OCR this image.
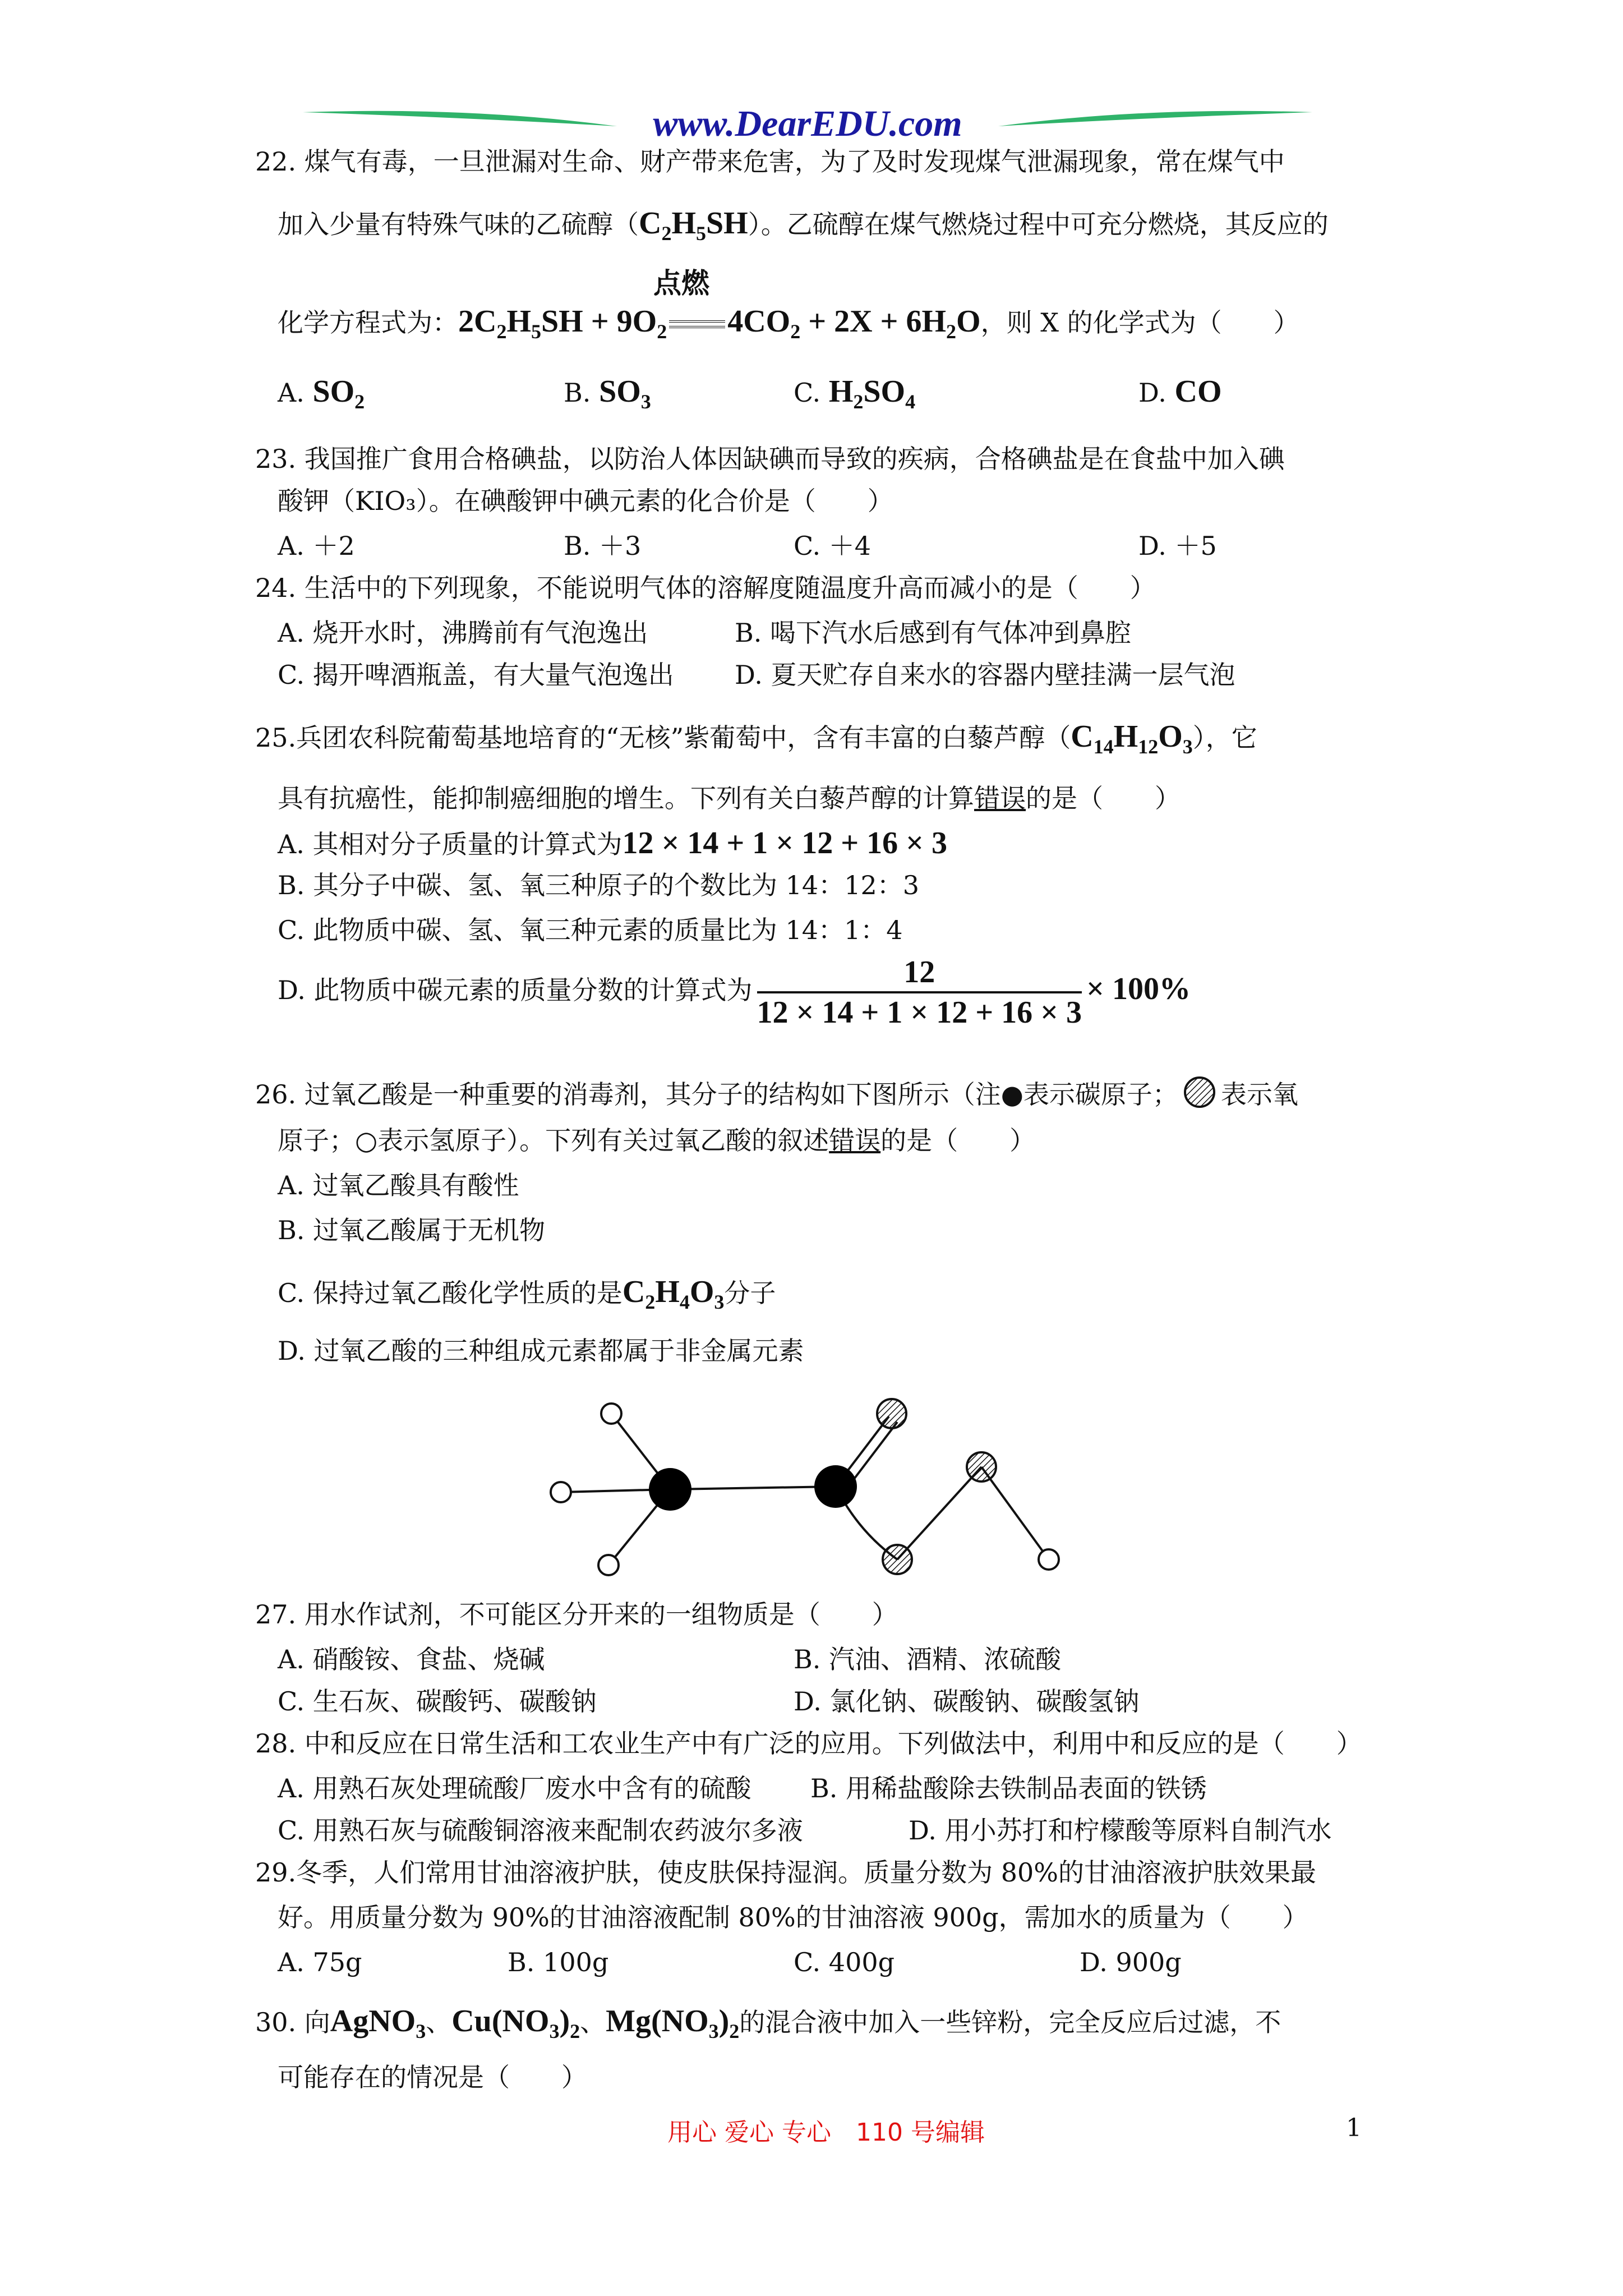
www.DearEDU.com
22. 煤气有毒，一旦泄漏对生命、财产带来危害，为了及时发现煤气泄漏现象，常在煤气中
加入少量有特殊气味的乙硫醇$(C_2H_5SH)$。乙硫醇在煤气燃烧过程中可充分燃烧，其反应的
点燃
化学方程式为：$2C_2H_5SH + 9O_2$ $4CO_2 + 2X + 6H_2O$，则 X 的化学式为（　　）
A. $SO_2$	B. $SO_3$	C. $H_2SO_4$	D. CO
23. 我国推广食用合格碘盐，以防治人体因缺碘而导致的疾病，合格碘盐是在食盐中加入碘
酸钾（KIO₃）。在碘酸钾中碘元素的化合价是（　　）
A. ＋2	B. ＋3	C. ＋4	D. ＋5
24. 生活中的下列现象，不能说明气体的溶解度随温度升高而减小的是（　　）
A. 烧开水时，沸腾前有气泡逸出	B. 喝下汽水后感到有气体冲到鼻腔
C. 揭开啤酒瓶盖，有大量气泡逸出 D. 夏天贮存自来水的容器内壁挂满一层气泡
25.兵团农科院葡萄基地培育的“无核”紫葡萄中，含有丰富的白藜芦醇$(C_{14}H_{12}O_3)$，它
具有抗癌性，能抑制癌细胞的增生。下列有关白藜芦醇的计算错误的是（　　）
A. 其相对分子质量的计算式为12 × 14 + 1 × 12 + 16 × 3
B. 其分子中碳、氢、氧三种原子的个数比为 14：12：3
C. 此物质中碳、氢、氧三种元素的质量比为 14：1：4
D. 此物质中碳元素的质量分数的计算式为 $\frac{12}{12 \times 14 + 1 \times 12 + 16 \times 3} \times 100\%$
26. 过氧乙酸是一种重要的消毒剂，其分子的结构如下图所示（注●表示碳原子； 表示氧
原子；○表示氢原子）。下列有关过氧乙酸的叙述错误的是（　　）
A. 过氧乙酸具有酸性
B. 过氧乙酸属于无机物
C. 保持过氧乙酸化学性质的是$C_2H_4O_3$分子
D. 过氧乙酸的三种组成元素都属于非金属元素
27. 用水作试剂，不可能区分开来的一组物质是（　　）
A. 硝酸铵、食盐、烧碱	B. 汽油、酒精、浓硫酸
C. 生石灰、碳酸钙、碳酸钠	D. 氯化钠、碳酸钠、碳酸氢钠
28. 中和反应在日常生活和工农业生产中有广泛的应用。下列做法中，利用中和反应的是（　　）
A. 用熟石灰处理硫酸厂废水中含有的硫酸 B. 用稀盐酸除去铁制品表面的铁锈
C. 用熟石灰与硫酸铜溶液来配制农药波尔多液	D. 用小苏打和柠檬酸等原料自制汽水
29.冬季，人们常用甘油溶液护肤，使皮肤保持湿润。质量分数为 80%的甘油溶液护肤效果最
好。用质量分数为 90%的甘油溶液配制 80%的甘油溶液 900g，需加水的质量为（　　）
A. 75g	B. 100g	C. 400g	D. 900g
30. 向AgNO$_3$、$Cu(NO_3)_2$、$Mg(NO_3)_2$的混合液中加入一些锌粉，完全反应后过滤，不
可能存在的情况是（　　）
用心 爱心 专心　110 号编辑	1
